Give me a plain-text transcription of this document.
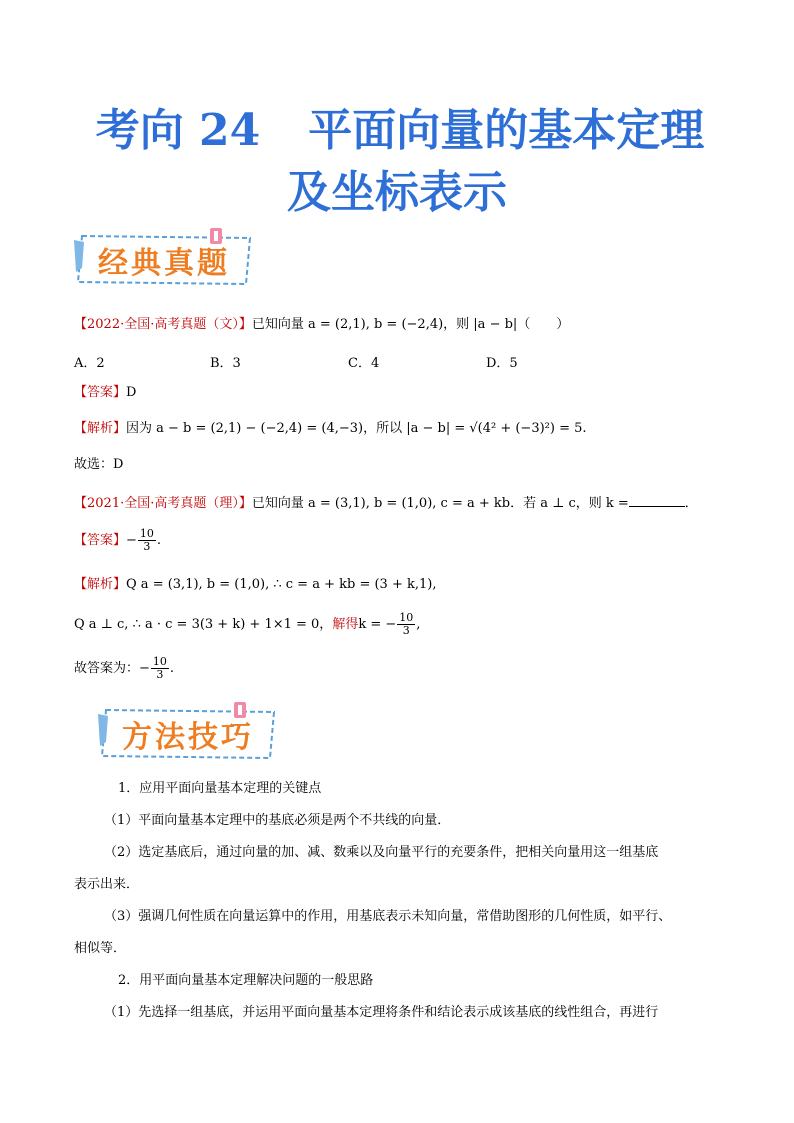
考向 24 平面向量的基本定理
及坐标表示
经典真题
【2022·全国·高考真题（文）】已知向量 a = (2,1), b = (−2,4)，则 |a − b|（　　）
A．2	B．3	C．4	D．5
【答案】D
【解析】因为 a − b = (2,1) − (−2,4) = (4,−3)，所以 |a − b| = √(4² + (−3)²) = 5.
故选：D
【2021·全国·高考真题（理）】已知向量 a = (3,1), b = (1,0), c = a + kb．若 a ⊥ c，则 k =	．
【答案】− $\frac{10}{3}$ .
【解析】Q a = (3,1), b = (1,0), ∴ c = a + kb = (3 + k,1),
Q a ⊥ c, ∴ a · c = 3(3 + k) + 1×1 = 0，解得k = − $\frac{10}{3}$ ,
故答案为：− $\frac{10}{3}$ .
方法技巧
1．应用平面向量基本定理的关键点
（1）平面向量基本定理中的基底必须是两个不共线的向量．
（2）选定基底后，通过向量的加、减、数乘以及向量平行的充要条件，把相关向量用这一组基底
表示出来．
（3）强调几何性质在向量运算中的作用，用基底表示未知向量，常借助图形的几何性质，如平行、
相似等．
2．用平面向量基本定理解决问题的一般思路
（1）先选择一组基底，并运用平面向量基本定理将条件和结论表示成该基底的线性组合，再进行
